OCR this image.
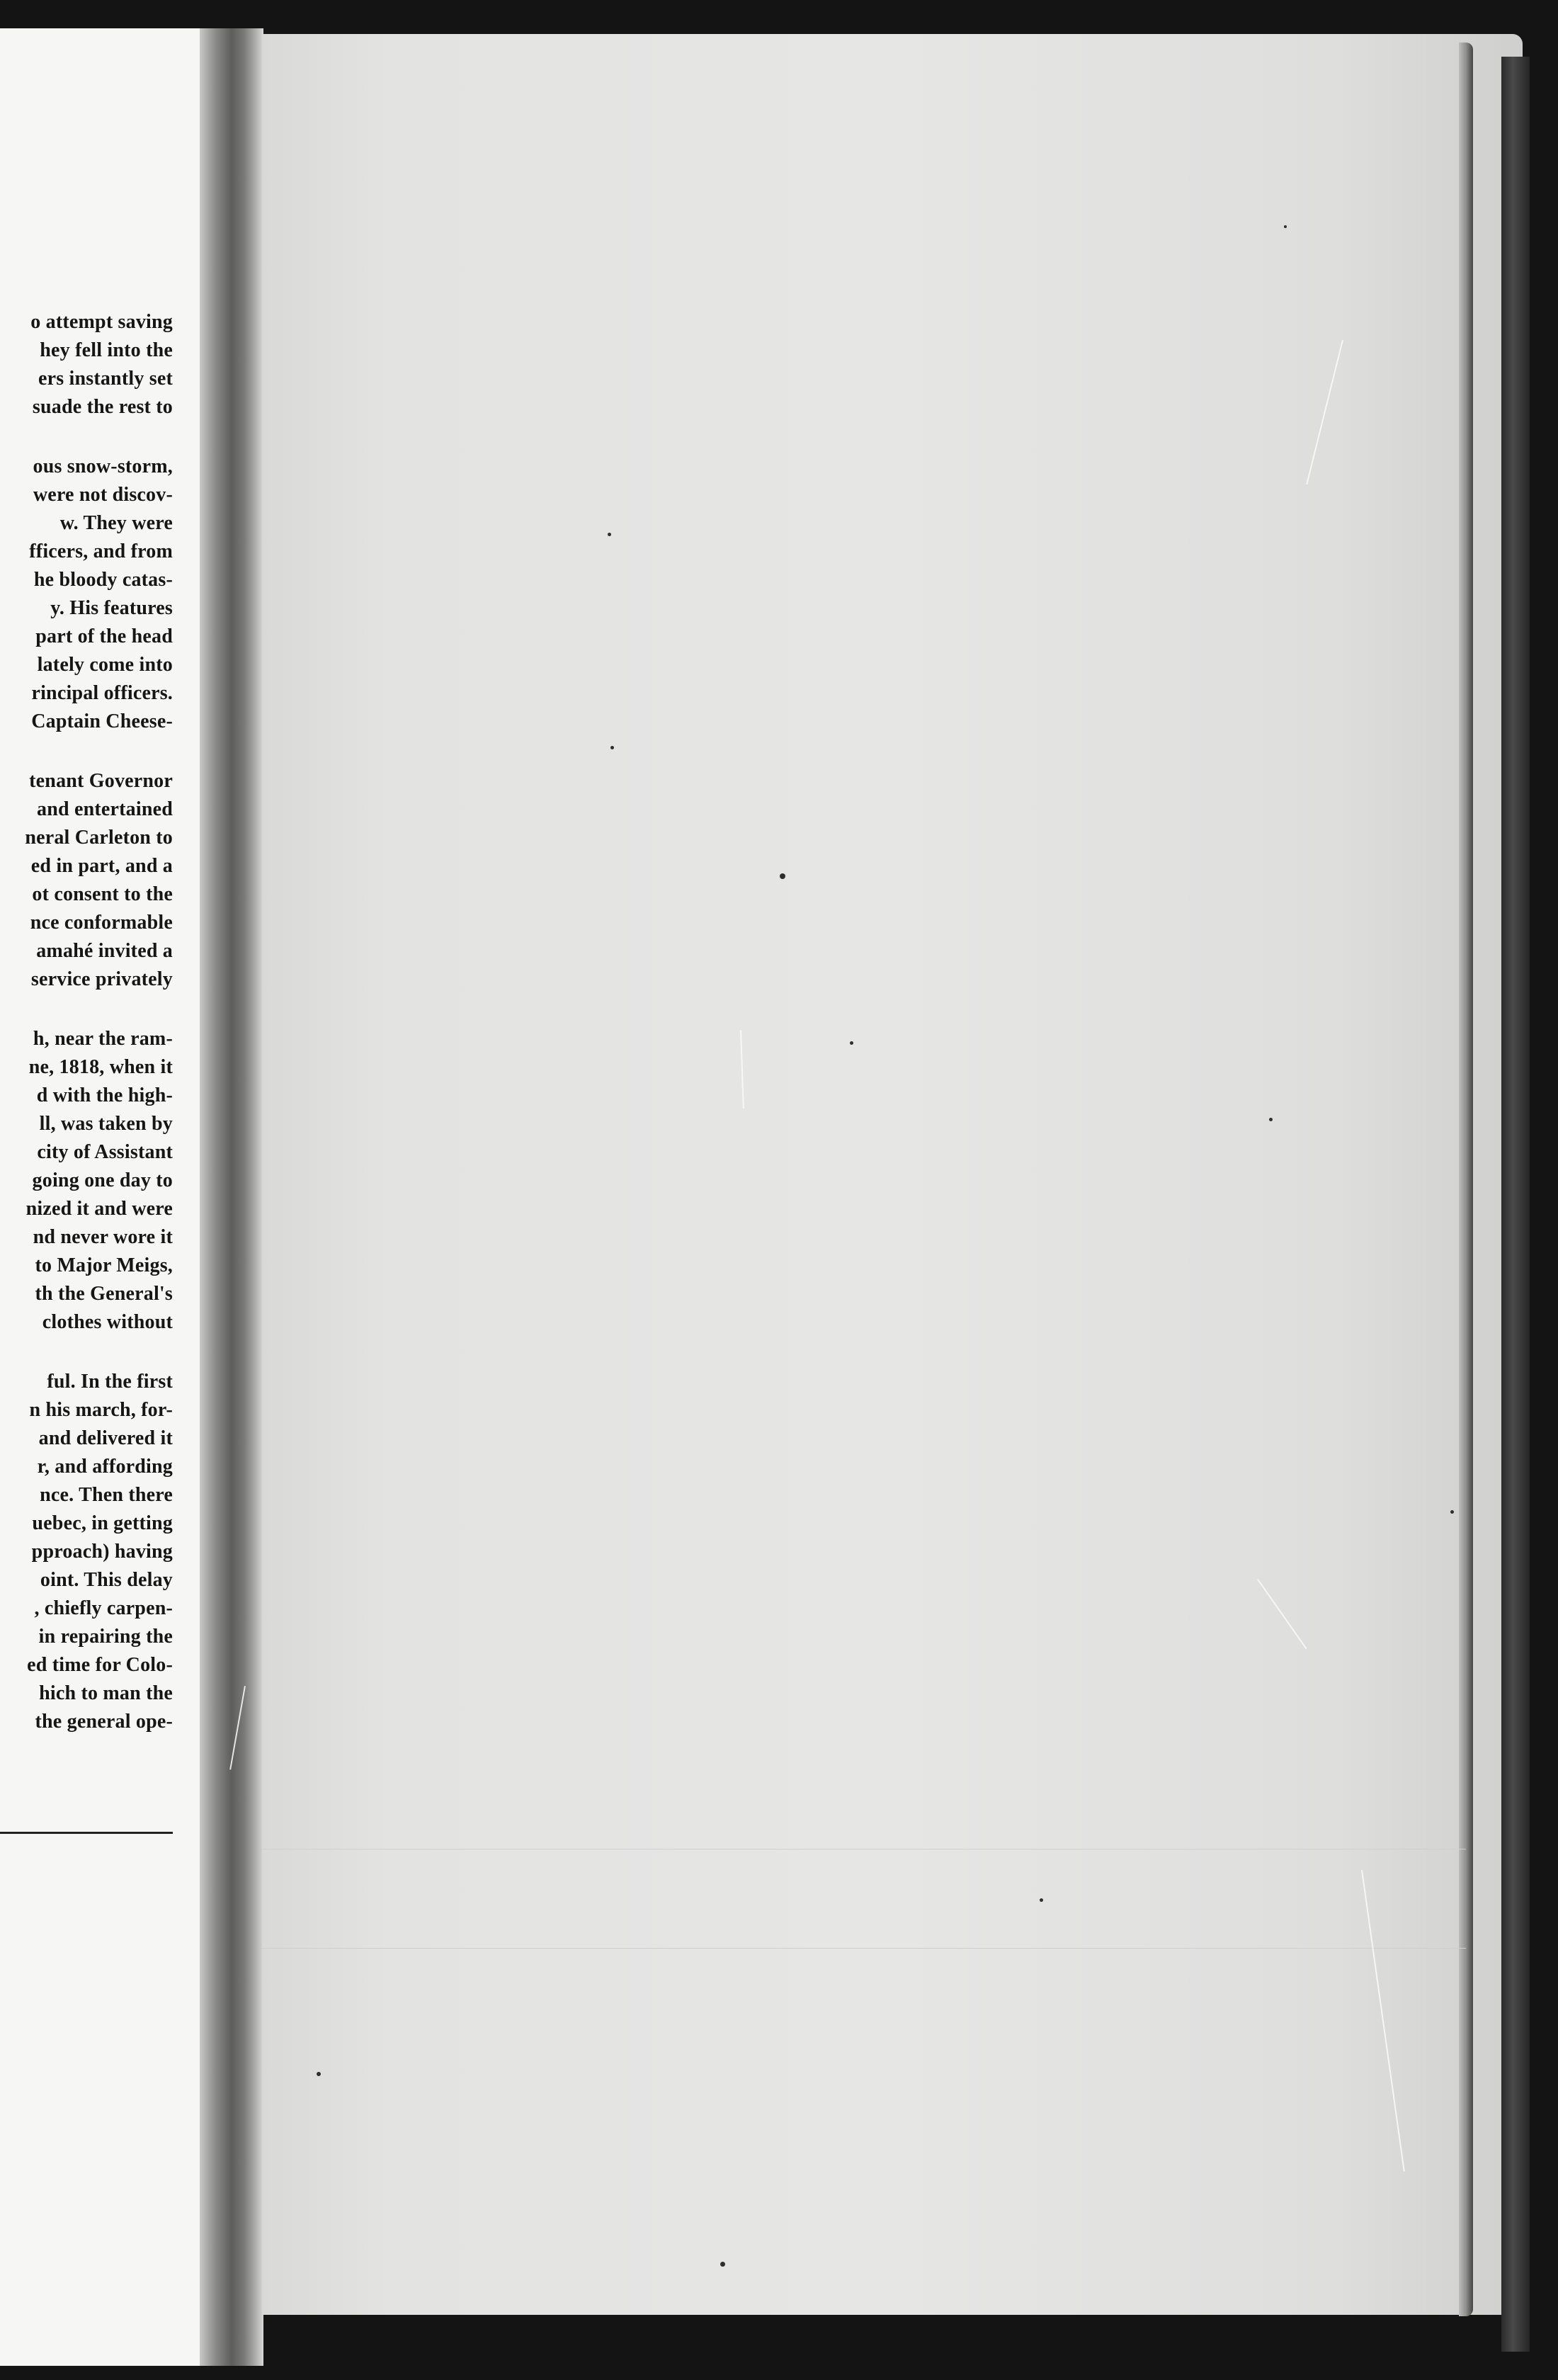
o attempt saving
hey fell into the
ers instantly set
suade the rest to
ous snow-storm,
were not discov-
w. They were
fficers, and from
he bloody catas-
y. His features
part of the head
lately come into
rincipal officers.
Captain Cheese-
tenant Governor
and entertained
neral Carleton to
ed in part, and a
ot consent to the
nce conformable
amahé invited a
service privately
h, near the ram-
ne, 1818, when it
d with the high-
ll, was taken by
city of Assistant
going one day to
nized it and were
nd never wore it
to Major Meigs,
th the General's
clothes without
ful. In the first
n his march, for-
and delivered it
r, and affording
nce. Then there
uebec, in getting
pproach) having
oint. This delay
, chiefly carpen-
in repairing the
ed time for Colo-
hich to man the
the general ope-
